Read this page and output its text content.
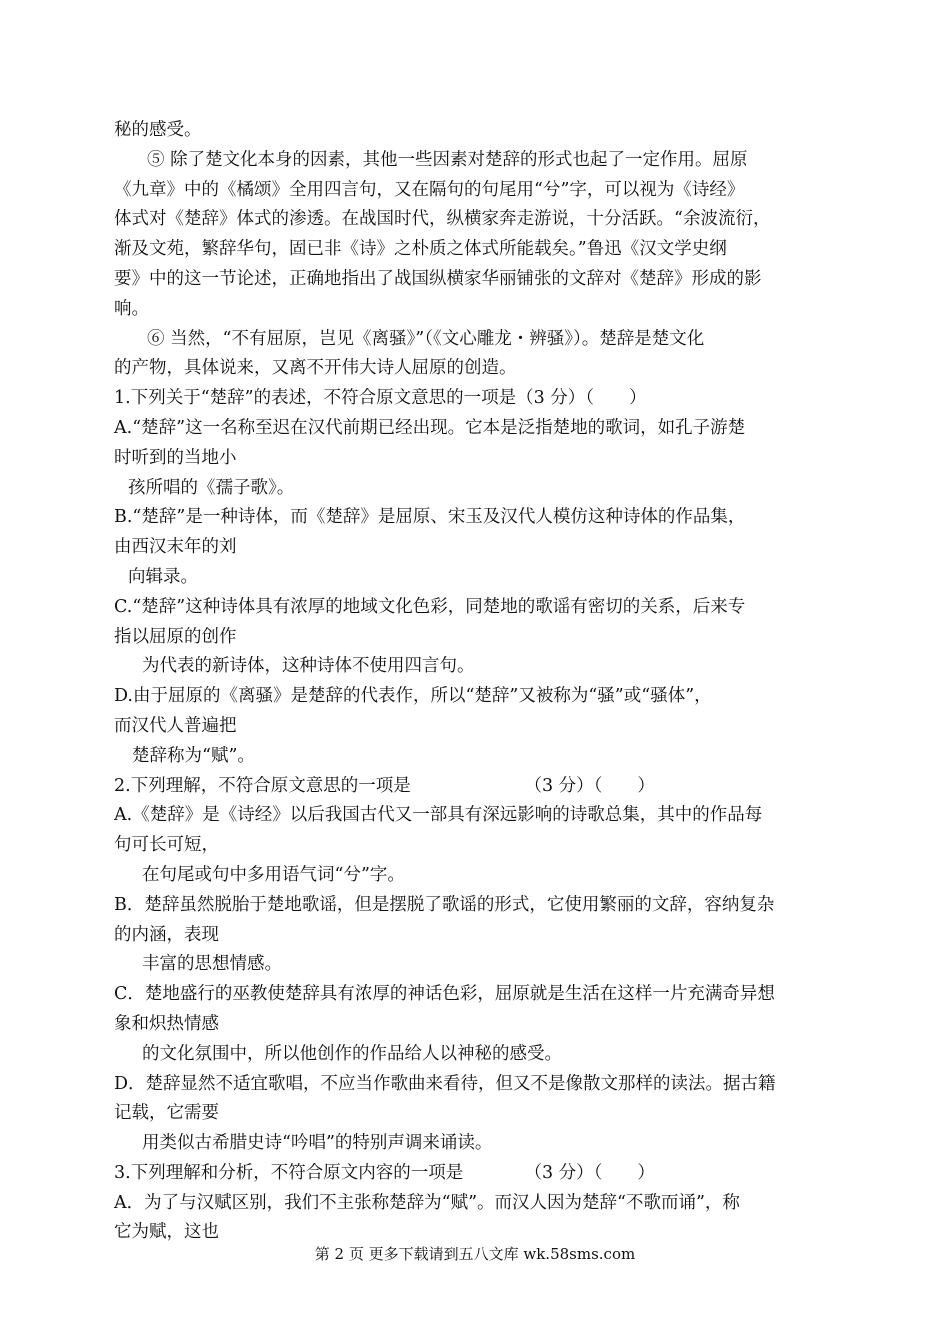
秘的感受。
⑤ 除了楚文化本身的因素，其他一些因素对楚辞的形式也起了一定作用。屈原
《九章》中的《橘颂》全用四言句，又在隔句的句尾用“兮”字，可以视为《诗经》
体式对《楚辞》体式的渗透。在战国时代，纵横家奔走游说，十分活跃。“余波流衍，
渐及文苑，繁辞华句，固已非《诗》之朴质之体式所能载矣。”鲁迅《汉文学史纲
要》中的这一节论述，正确地指出了战国纵横家华丽铺张的文辞对《楚辞》形成的影
响。
⑥ 当然，“不有屈原，岂见《离骚》”（《文心雕龙・辨骚》）。楚辞是楚文化
的产物，具体说来，又离不开伟大诗人屈原的创造。
1.下列关于“楚辞”的表述，不符合原文意思的一项是（3 分）（　　）
A.“楚辞”这一名称至迟在汉代前期已经出现。它本是泛指楚地的歌词，如孔子游楚
时听到的当地小
孩所唱的《孺子歌》。
B.“楚辞”是一种诗体，而《楚辞》是屈原、宋玉及汉代人模仿这种诗体的作品集，
由西汉末年的刘
向辑录。
C.“楚辞”这种诗体具有浓厚的地域文化色彩，同楚地的歌谣有密切的关系，后来专
指以屈原的创作
为代表的新诗体，这种诗体不使用四言句。
D.由于屈原的《离骚》是楚辞的代表作，所以“楚辞”又被称为“骚”或“骚体”，
而汉代人普遍把
楚辞称为“赋”。
2.下列理解，不符合原文意思的一项是　　　　　　　（3 分）（　　）
A.《楚辞》是《诗经》以后我国古代又一部具有深远影响的诗歌总集，其中的作品每
句可长可短，
在句尾或句中多用语气词“兮”字。
B．楚辞虽然脱胎于楚地歌谣，但是摆脱了歌谣的形式，它使用繁丽的文辞，容纳复杂
的内涵，表现
丰富的思想情感。
C．楚地盛行的巫教使楚辞具有浓厚的神话色彩，屈原就是生活在这样一片充满奇异想
象和炽热情感
的文化氛围中，所以他创作的作品给人以神秘的感受。
D．楚辞显然不适宜歌唱，不应当作歌曲来看待，但又不是像散文那样的读法。据古籍
记载，它需要
用类似古希腊史诗“吟唱”的特别声调来诵读。
3.下列理解和分析，不符合原文内容的一项是　　　　（3 分）（　　）
A．为了与汉赋区别，我们不主张称楚辞为“赋”。而汉人因为楚辞“不歌而诵”，称
它为赋，这也
第 2 页 更多下载请到五八文库 wk.58sms.com
